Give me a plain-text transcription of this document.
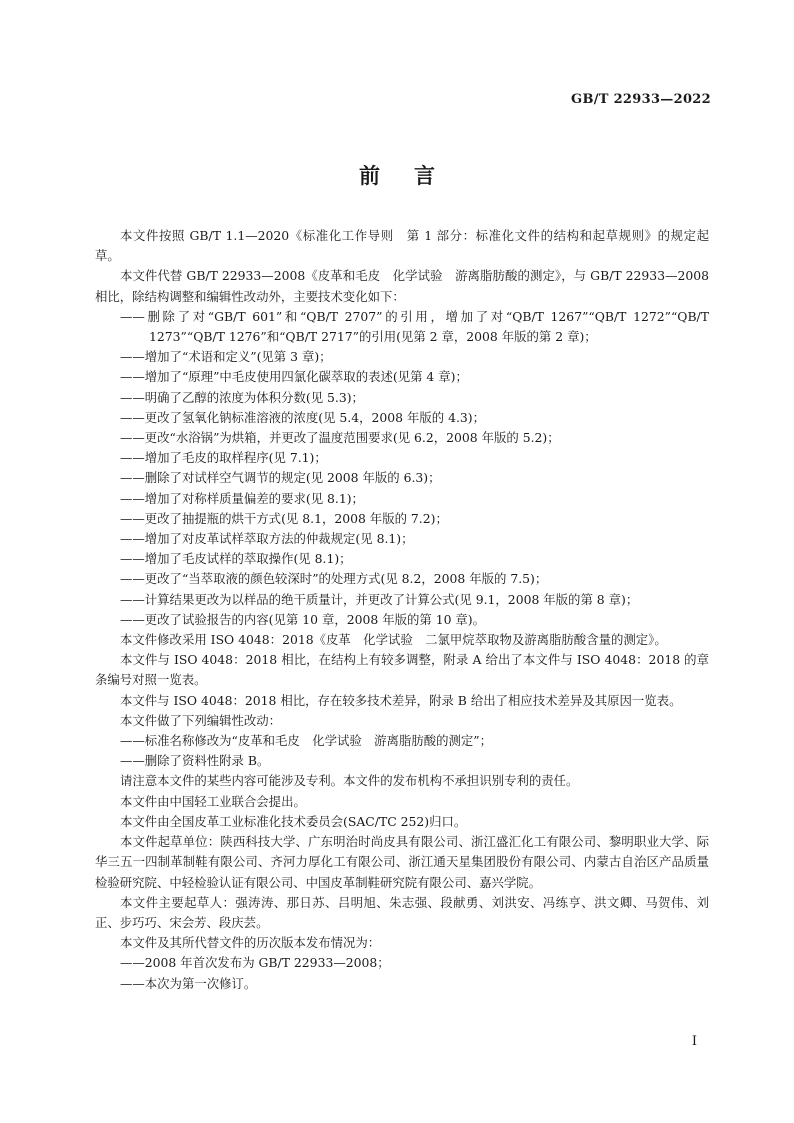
GB/T 22933—2022
前言

本文件按照 GB/T 1.1—2020《标准化工作导则　第 1 部分：标准化文件的结构和起草规则》的规定起草。

本文件代替 GB/T 22933—2008《皮革和毛皮　化学试验　游离脂肪酸的测定》，与 GB/T 22933—2008 相比，除结构调整和编辑性改动外，主要技术变化如下：

——删除了对“GB/T 601”和“QB/T 2707”的引用，增加了对“QB/T 1267”“QB/T 1272”“QB/T 1273”“QB/T 1276”和“QB/T 2717”的引用(见第 2 章，2008 年版的第 2 章)；

——增加了“术语和定义”(见第 3 章)；

——增加了“原理”中毛皮使用四氯化碳萃取的表述(见第 4 章)；

——明确了乙醇的浓度为体积分数(见 5.3)；

——更改了氢氧化钠标准溶液的浓度(见 5.4，2008 年版的 4.3)；

——更改“水浴锅”为烘箱，并更改了温度范围要求(见 6.2，2008 年版的 5.2)；

——增加了毛皮的取样程序(见 7.1)；

——删除了对试样空气调节的规定(见 2008 年版的 6.3)；

——增加了对称样质量偏差的要求(见 8.1)；

——更改了抽提瓶的烘干方式(见 8.1，2008 年版的 7.2)；

——增加了对皮革试样萃取方法的仲裁规定(见 8.1)；

——增加了毛皮试样的萃取操作(见 8.1)；

——更改了“当萃取液的颜色较深时”的处理方式(见 8.2，2008 年版的 7.5)；

——计算结果更改为以样品的绝干质量计，并更改了计算公式(见 9.1，2008 年版的第 8 章)；

——更改了试验报告的内容(见第 10 章，2008 年版的第 10 章)。

本文件修改采用 ISO 4048：2018《皮革　化学试验　二氯甲烷萃取物及游离脂肪酸含量的测定》。

本文件与 ISO 4048：2018 相比，在结构上有较多调整，附录 A 给出了本文件与 ISO 4048：2018 的章条编号对照一览表。

本文件与 ISO 4048：2018 相比，存在较多技术差异，附录 B 给出了相应技术差异及其原因一览表。

本文件做了下列编辑性改动：

——标准名称修改为“皮革和毛皮　化学试验　游离脂肪酸的测定”；

——删除了资料性附录 B。

请注意本文件的某些内容可能涉及专利。本文件的发布机构不承担识别专利的责任。

本文件由中国轻工业联合会提出。

本文件由全国皮革工业标准化技术委员会(SAC/TC 252)归口。

本文件起草单位：陕西科技大学、广东明治时尚皮具有限公司、浙江盛汇化工有限公司、黎明职业大学、际华三五一四制革制鞋有限公司、齐河力厚化工有限公司、浙江通天星集团股份有限公司、内蒙古自治区产品质量检验研究院、中轻检验认证有限公司、中国皮革制鞋研究院有限公司、嘉兴学院。

本文件主要起草人：强涛涛、那日苏、吕明旭、朱志强、段献勇、刘洪安、冯练亨、洪文卿、马贺伟、刘正、步巧巧、宋会芳、段庆芸。

本文件及其所代替文件的历次版本发布情况为：

——2008 年首次发布为 GB/T 22933—2008；

——本次为第一次修订。

I
